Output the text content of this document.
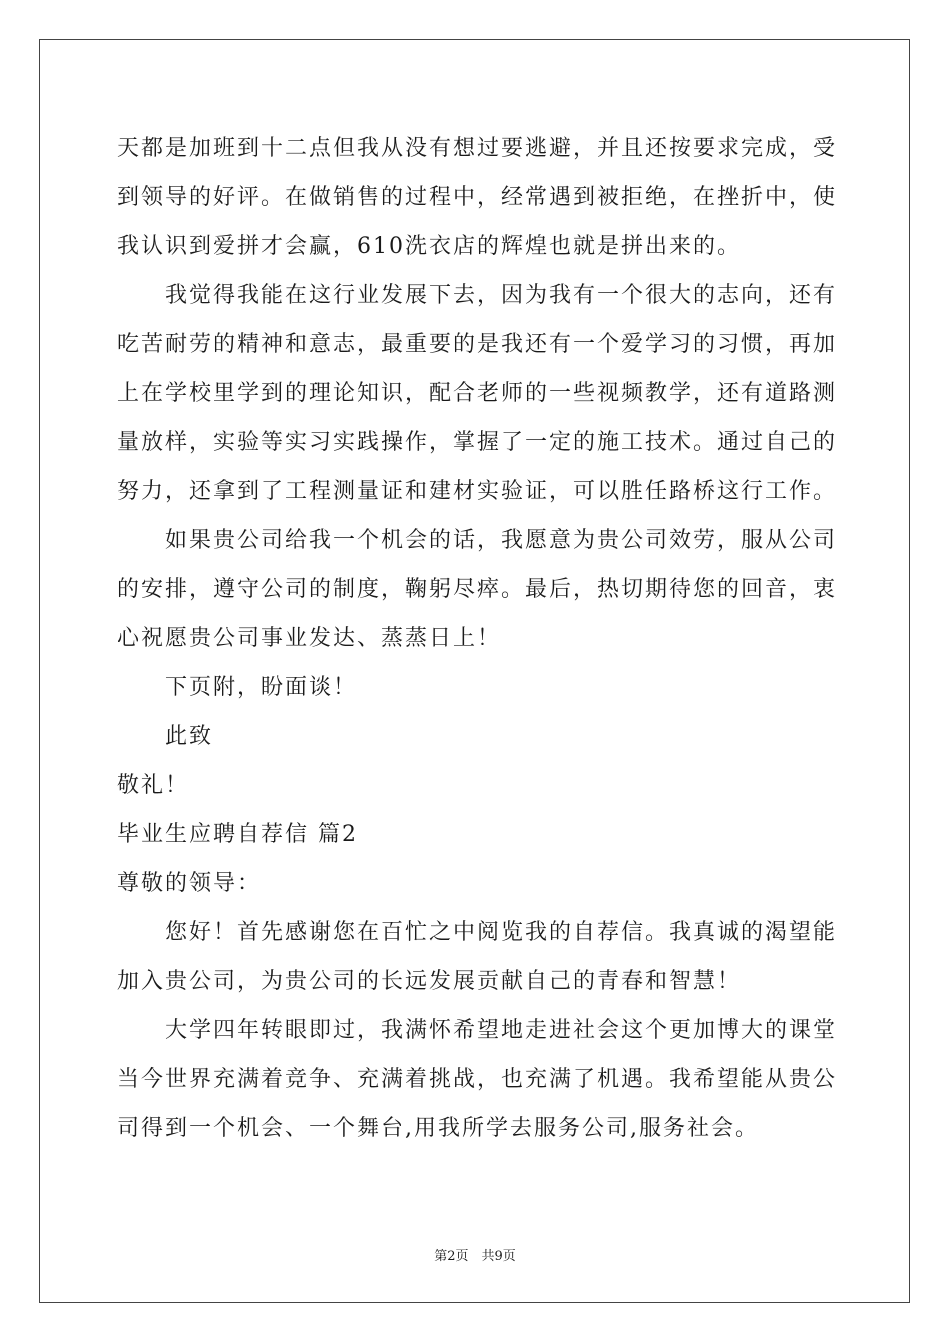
天都是加班到十二点但我从没有想过要逃避，并且还按要求完成，受

到领导的好评。在做销售的过程中，经常遇到被拒绝，在挫折中，使

我认识到爱拼才会赢，610洗衣店的辉煌也就是拼出来的。

我觉得我能在这行业发展下去，因为我有一个很大的志向，还有

吃苦耐劳的精神和意志，最重要的是我还有一个爱学习的习惯，再加

上在学校里学到的理论知识，配合老师的一些视频教学，还有道路测

量放样，实验等实习实践操作，掌握了一定的施工技术。通过自己的

努力，还拿到了工程测量证和建材实验证，可以胜任路桥这行工作。

如果贵公司给我一个机会的话，我愿意为贵公司效劳，服从公司

的安排，遵守公司的制度，鞠躬尽瘁。最后，热切期待您的回音，衷

心祝愿贵公司事业发达、蒸蒸日上！

下页附，盼面谈！

此致

敬礼！

毕业生应聘自荐信 篇2

尊敬的领导：

您好！首先感谢您在百忙之中阅览我的自荐信。我真诚的渴望能

加入贵公司，为贵公司的长远发展贡献自己的青春和智慧！

大学四年转眼即过，我满怀希望地走进社会这个更加博大的课堂

当今世界充满着竞争、充满着挑战，也充满了机遇。我希望能从贵公

司得到一个机会、一个舞台,用我所学去服务公司,服务社会。

第2页　共9页
